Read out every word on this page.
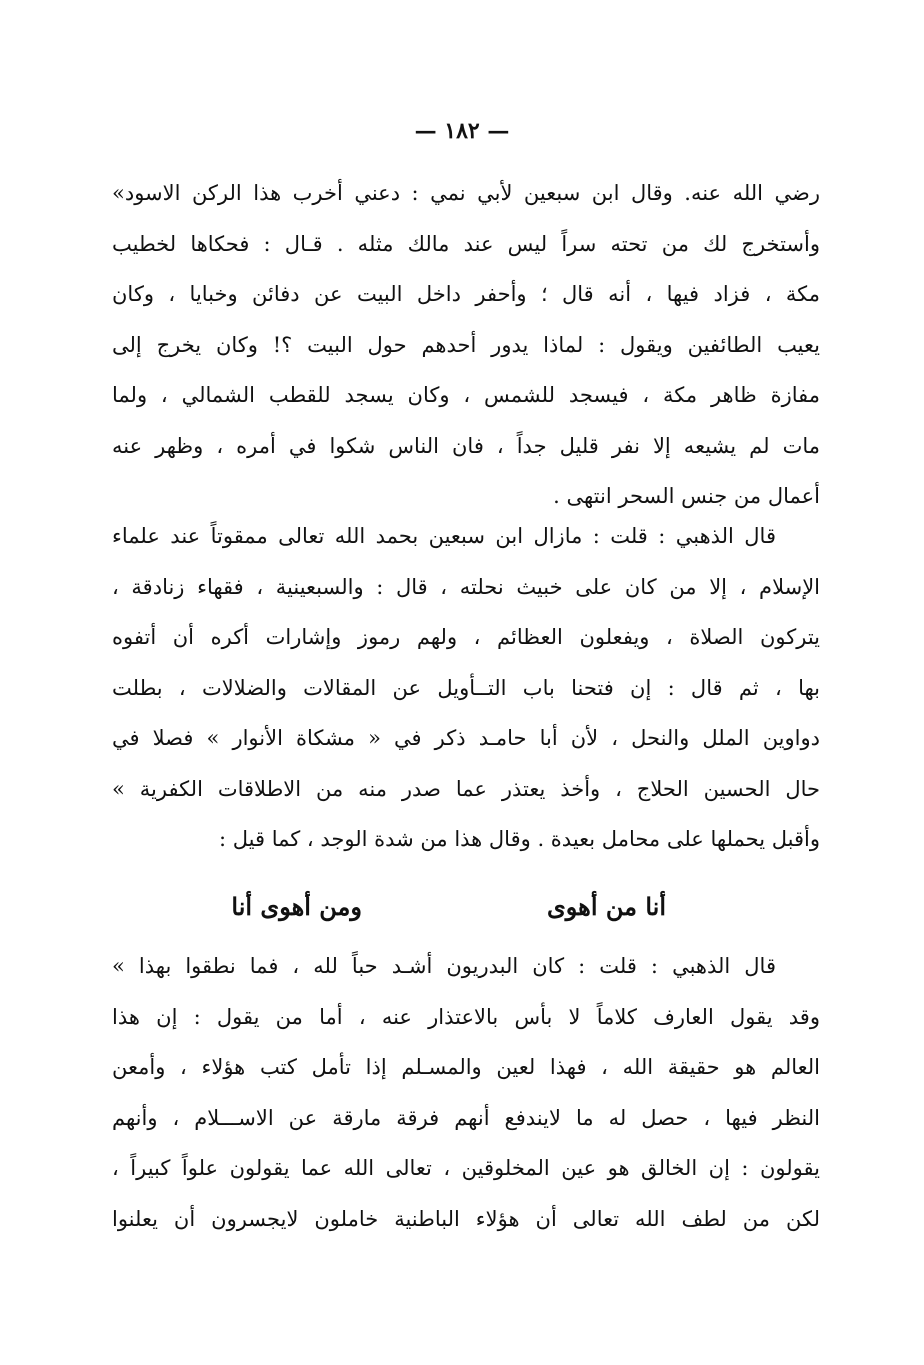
— ١٨٢ —
رضي الله عنه. وقال ابن سبعين لأبي نمي : دعني أخرب هذا الركن الاسود»
وأستخرج لك من تحته سراً ليس عند مالك مثله . قـال : فحكاها لخطيب
مكة ، فزاد فيها ، أنه قال ؛ وأحفر داخل البيت عن دفائن وخبايا ، وكان
يعيب الطائفين ويقول : لماذا يدور أحدهم حول البيت ؟! وكان يخرج إلى
مفازة ظاهر مكة ، فيسجد للشمس ، وكان يسجد للقطب الشمالي ، ولما
مات لم يشيعه إلا نفر قليل جداً ، فان الناس شكوا في أمره ، وظهر عنه
أعمال من جنس السحر انتهى .
قال الذهبي : قلت : مازال ابن سبعين بحمد الله تعالى ممقوتاً عند علماء
الإسلام ، إلا من كان على خبيث نحلته ، قال : والسبعينية ، فقهاء زنادقة ،
يتركون الصلاة ، ويفعلون العظائم ، ولهم رموز وإشارات أكره أن أتفوه
بها ، ثم قال : إن فتحنا باب التــأويل عن المقالات والضلالات ، بطلت
دواوين الملل والنحل ، لأن أبا حامـد ذكر في « مشكاة الأنوار » فصلا في
حال الحسين الحلاج ، وأخذ يعتذر عما صدر منه من الاطلاقات الكفرية »
وأقبل يحملها على محامل بعيدة . وقال هذا من شدة الوجد ، كما قيل :
أنا من أهوى
ومن أهوى أنا
قال الذهبي : قلت : كان البدريون أشـد حباً لله ، فما نطقوا بهذا »
وقد يقول العارف كلاماً لا بأس بالاعتذار عنه ، أما من يقول : إن هذا
العالم هو حقيقة الله ، فهذا لعين والمسـلم إذا تأمل كتب هؤلاء ، وأمعن
النظر فيها ، حصل له ما لايندفع أنهم فرقة مارقة عن الاســـلام ، وأنهم
يقولون : إن الخالق هو عين المخلوقين ، تعالى الله عما يقولون علواً كبيراً ،
لكن من لطف الله تعالى أن هؤلاء الباطنية خاملون لايجسرون أن يعلنوا
